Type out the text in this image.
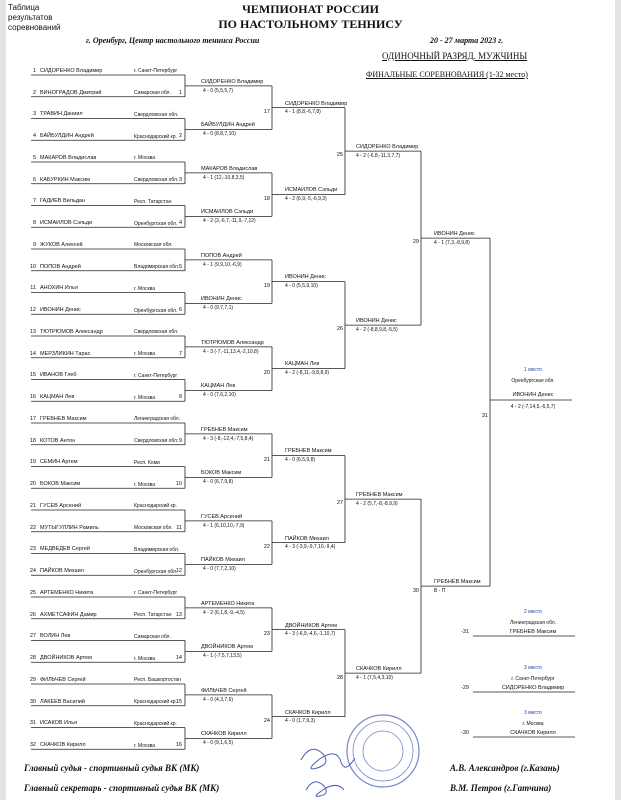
Таблица
результатов
соревнований
ЧЕМПИОНАТ РОССИИ
ПО НАСТОЛЬНОМУ ТЕННИСУ
г. Оренбург, Центр настольного тенниса России	20 - 27 марта 2023 г.
ОДИНОЧНЫЙ РАЗРЯД. МУЖЧИНЫ
ФИНАЛЬНЫЕ СОРЕВНОВАНИЯ (1-32 место)
1 СИДОРЕНКО Владимир	г. Санкт-Петербург
2 ВИНОГРАДОВ Дмитрий	Самарская обл.
3 ТРАВИН Даниил	Свердловская обл.
4 БАЙБУЛДИН Андрей	Краснодарский кр.
5 МАКАРОВ Владислав	г. Москва
6 КАБУРКИН Максим	Свердловская обл.
7 ГАДИЕВ Вильдан	Респ. Татарстан
8 ИСМАИЛОВ Сэльди	Оренбургская обл.
9 ЖУКОВ Алексей	Московская обл.
10 ПОПОВ Андрей	Владимирская обл.
11 АНОХИН Илья	г. Москва
12 ИВОНИН Денис	Оренбургская обл.
13 ТЮТРЮМОВ Александр	Свердловская обл.
14 МЕРЗЛИКИН Тарас	г. Москва
15 ИВАНОВ Глеб	г. Санкт-Петербург
16 КАЦМАН Лев	г. Москва
17 ГРЕБНЕВ Максим	Ленинградская обл.
18 КОТОВ Антон	Свердловская обл.
19 СЕМИН Артем	Респ. Коми
20 БОКОВ Максим	г. Москва
21 ГУСЕВ Арсений	Краснодарский кр.
22 МУТЫГУЛЛИН Рамиль	Московская обл.
23 МЕДВЕДЕВ Сергей	Владимирская обл.
24 ПАЙКОВ Михаил	Оренбургская обл.
25 АРТЕМЕНКО Никита	г. Санкт-Петербург
26 АХМЕТСАФИН Дамир	Респ. Татарстан
27 ВОЛИН Лев	Самарская обл.
28 ДВОЙНИКОВ Артем	г. Москва
29 ФИЛЬЧЕВ Сергей	Респ. Башкортостан
30 ЛАКЕЕВ Василий	Краснодарский кр.
31 ИСАКОВ Илья	Краснодарский кр.
32 СКАЧКОВ Кирилл	г. Москва
1
СИДОРЕНКО Владимир
4 - 0 (5,5,5,7)
2
БАЙБУЛДИН Андрей
4 - 0 (8,8,7,10)
3
МАКАРОВ Владислав
4 - 1 (12,-10,8,3,5)
4
ИСМАИЛОВ Сэльди
4 - 2 (3,-6,7,-11,9,-7,12)
5
ПОПОВ Андрей
4 - 1 (9,9,10,-6,9)
6
ИВОНИН Денис
4 - 0 (9,7,7,1)
7
ТЮТРЮМОВ Александр
4 - 3 (-7,-11,13,4,-2,10,8)
8
КАЦМАН Лев
4 - 0 (7,6,2,10)
9
ГРЕБНЕВ Максим
4 - 3 (-8,-12,4,-7,5,8,4)
10
БОКОВ Максим
4 - 0 (6,7,9,8)
11
ГУСЕВ Арсений
4 - 1 (6,10,10,-7,9)
12
ПАЙКОВ Михаил
4 - 0 (7,7,2,10)
13
АРТЕМЕНКО Никита
4 - 2 (6,1,8,-9,-4,5)
14
ДВОЙНИКОВ Артем
4 - 1 (-7,5,7,13,5)
15
ФИЛЬЧЕВ Сергей
4 - 0 (4,3,7,6)
16
СКАЧКОВ Кирилл
4 - 0 (9,1,6,5)
17
СИДОРЕНКО Владимир
4 - 1 (8,8,-6,7,8)
18
ИСМАИЛОВ Сэльди
4 - 2 (6,9,-5,-6,9,3)
19
ИВОНИН Денис
4 - 0 (5,5,9,10)
20
КАЦМАН Лев
4 - 2 (-8,11,-9,8,8,9)
21
ГРЕБНЕВ Максим
4 - 0 (6,5,9,8)
22
ПАЙКОВ Михаил
4 - 3 (-3,9,-9,7,10,-9,4)
23
ДВОЙНИКОВ Артем
4 - 3 (-6,9,-4,6,-1,10,7)
24
СКАЧКОВ Кирилл
4 - 0 (1,7,9,3)
25
СИДОРЕНКО Владимир
4 - 2 (-6,8,-11,3,7,7)
26
ИВОНИН Денис
4 - 2 (-8,8,9,8,-5,5)
27
ГРЕБНЕВ Максим
4 - 2 (5,7,-8,-8,9,9)
28
СКАЧКОВ Кирилл
4 - 1 (7,5,4,3,10)
29
ИВОНИН Денис
4 - 1 (7,3,-8,9,8)
30
ГРЕБНЕВ Максим
В - П
31
1 место
Оренбургская обл.
ИВОНИН Денис
4 - 2 (-7,14,5,-6,5,7)
2 место
Ленинградская обл.
-31	ГРЕБНЕВ Максим
3 место
г. Санкт-Петербург
-29	СИДОРЕНКО Владимир
3 место
г. Москва
-30	СКАЧКОВ Кирилл
Главный судья - спортивный судья ВК (МК)	А.В. Александров (г.Казань)
Главный секретарь - спортивный судья ВК (МК)	В.М. Петров (г.Гатчина)
